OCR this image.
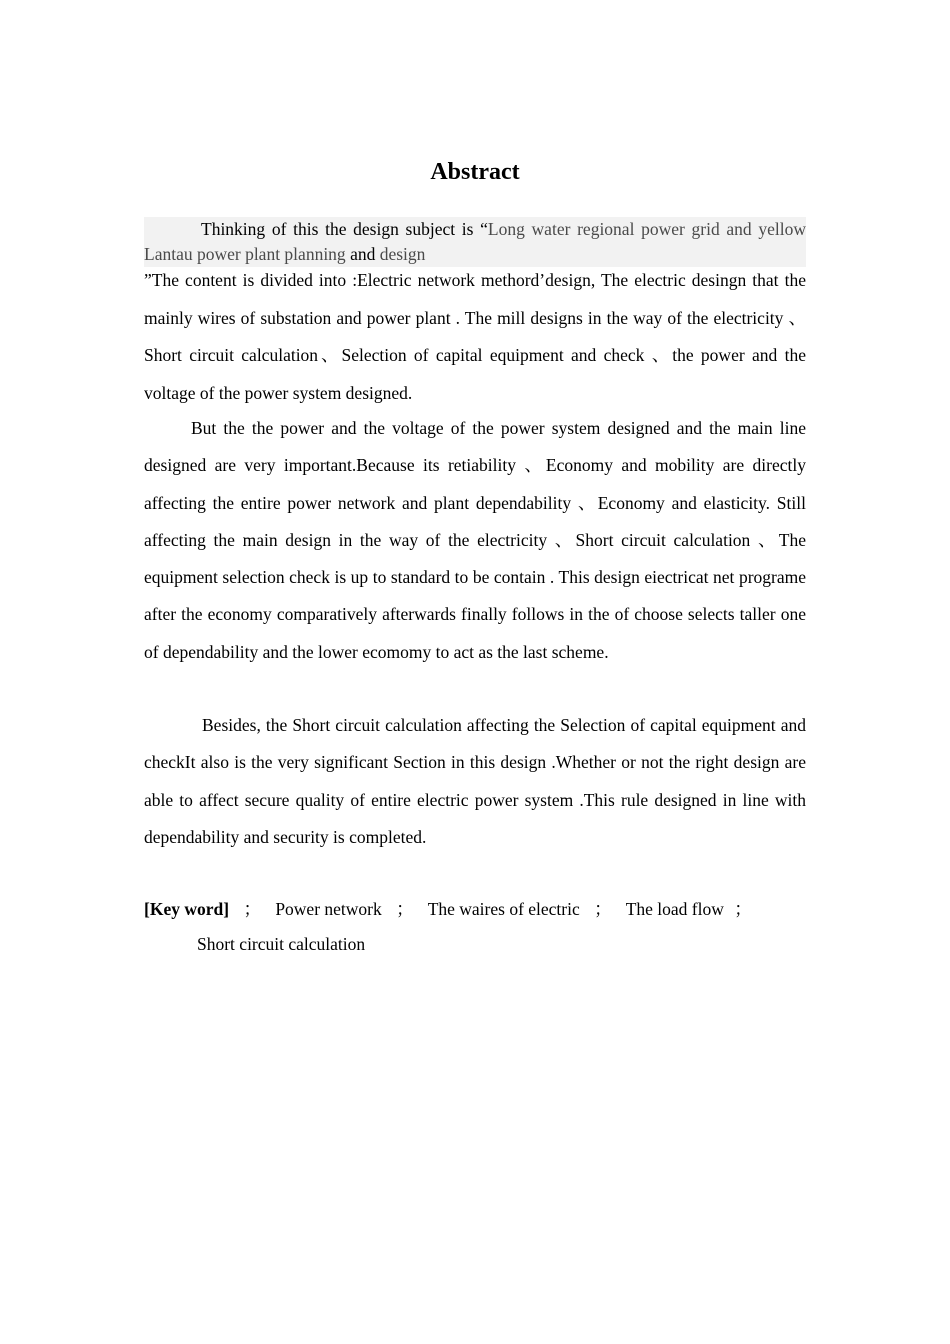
Abstract
Thinking of this the design subject is “Long water regional power grid and yellow Lantau power plant planning and design

”The content is divided into :Electric network methord’design, The electric desingn that the mainly wires of substation and power plant . The mill designs in the way of the electricity 、Short circuit calculation、Selection of capital equipment and check 、the power and the voltage of the power system designed.

But the the power and the voltage of the power system designed and the main line designed are very important.Because its retiability 、Economy and mobility are directly affecting the entire power network and plant dependability 、Economy and elasticity. Still affecting the main design in the way of the electricity 、Short circuit calculation 、The equipment selection check is up to standard to be contain . This design eiectricat net programe after the economy comparatively afterwards finally follows in the of choose selects taller one of dependability and the lower ecomomy to act as the last scheme.

Besides, the Short circuit calculation affecting the Selection of capital equipment and checkIt also is the very significant Section in this design .Whether or not the right design are able to affect secure quality of entire electric power system .This rule designed in line with dependability and security is completed.

[Key word] ； Power network ； The waires of electric ； The load flow ；
Short circuit calculation
